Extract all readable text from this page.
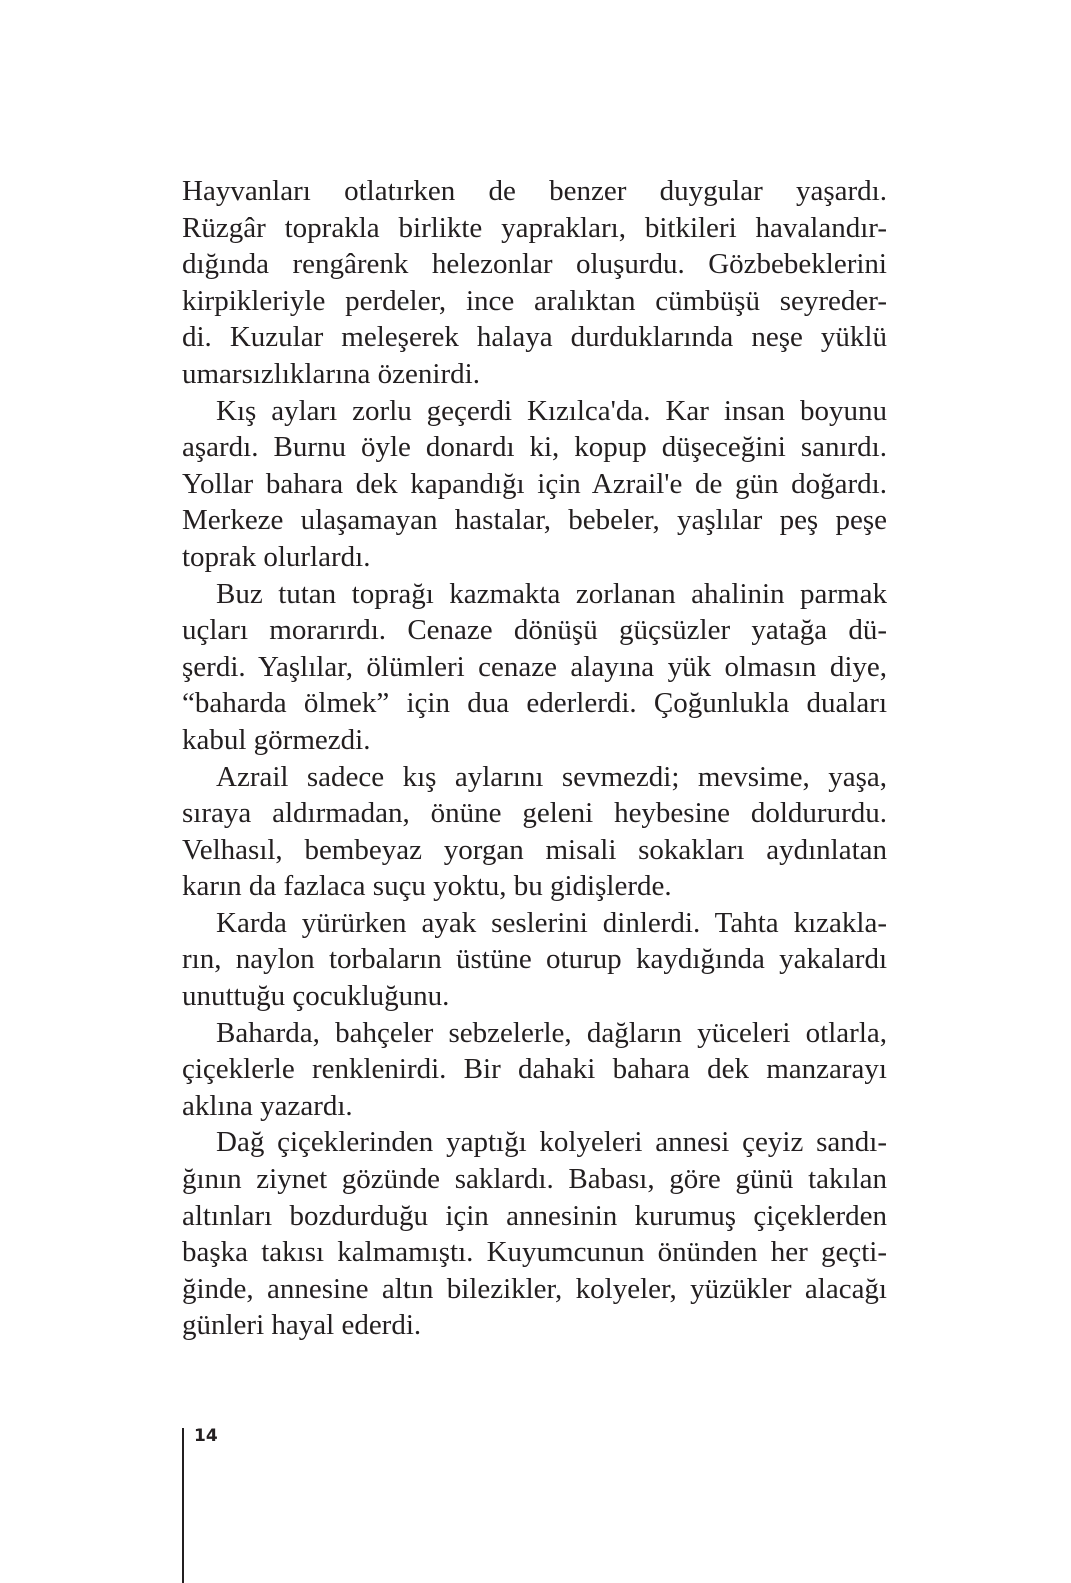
Hayvanları otlatırken de benzer duygular yaşardı.
Rüzgâr toprakla birlikte yaprakları, bitkileri havalandır-
dığında rengârenk helezonlar oluşurdu. Gözbebeklerini
kirpikleriyle perdeler, ince aralıktan cümbüşü seyreder-
di. Kuzular meleşerek halaya durduklarında neşe yüklü
umarsızlıklarına özenirdi.

Kış ayları zorlu geçerdi Kızılca'da. Kar insan boyunu
aşardı. Burnu öyle donardı ki, kopup düşeceğini sanırdı.
Yollar bahara dek kapandığı için Azrail'e de gün doğardı.
Merkeze ulaşamayan hastalar, bebeler, yaşlılar peş peşe
toprak olurlardı.

Buz tutan toprağı kazmakta zorlanan ahalinin parmak
uçları morarırdı. Cenaze dönüşü güçsüzler yatağa dü-
şerdi. Yaşlılar, ölümleri cenaze alayına yük olmasın diye,
“baharda ölmek” için dua ederlerdi. Çoğunlukla duaları
kabul görmezdi.

Azrail sadece kış aylarını sevmezdi; mevsime, yaşa,
sıraya aldırmadan, önüne geleni heybesine doldururdu.
Velhasıl, bembeyaz yorgan misali sokakları aydınlatan
karın da fazlaca suçu yoktu, bu gidişlerde.

Karda yürürken ayak seslerini dinlerdi. Tahta kızakla-
rın, naylon torbaların üstüne oturup kaydığında yakalardı
unuttuğu çocukluğunu.

Baharda, bahçeler sebzelerle, dağların yüceleri otlarla,
çiçeklerle renklenirdi. Bir dahaki bahara dek manzarayı
aklına yazardı.

Dağ çiçeklerinden yaptığı kolyeleri annesi çeyiz sandı-
ğının ziynet gözünde saklardı. Babası, göre günü takılan
altınları bozdurduğu için annesinin kurumuş çiçeklerden
başka takısı kalmamıştı. Kuyumcunun önünden her geçti-
ğinde, annesine altın bilezikler, kolyeler, yüzükler alacağı
günleri hayal ederdi.

14
